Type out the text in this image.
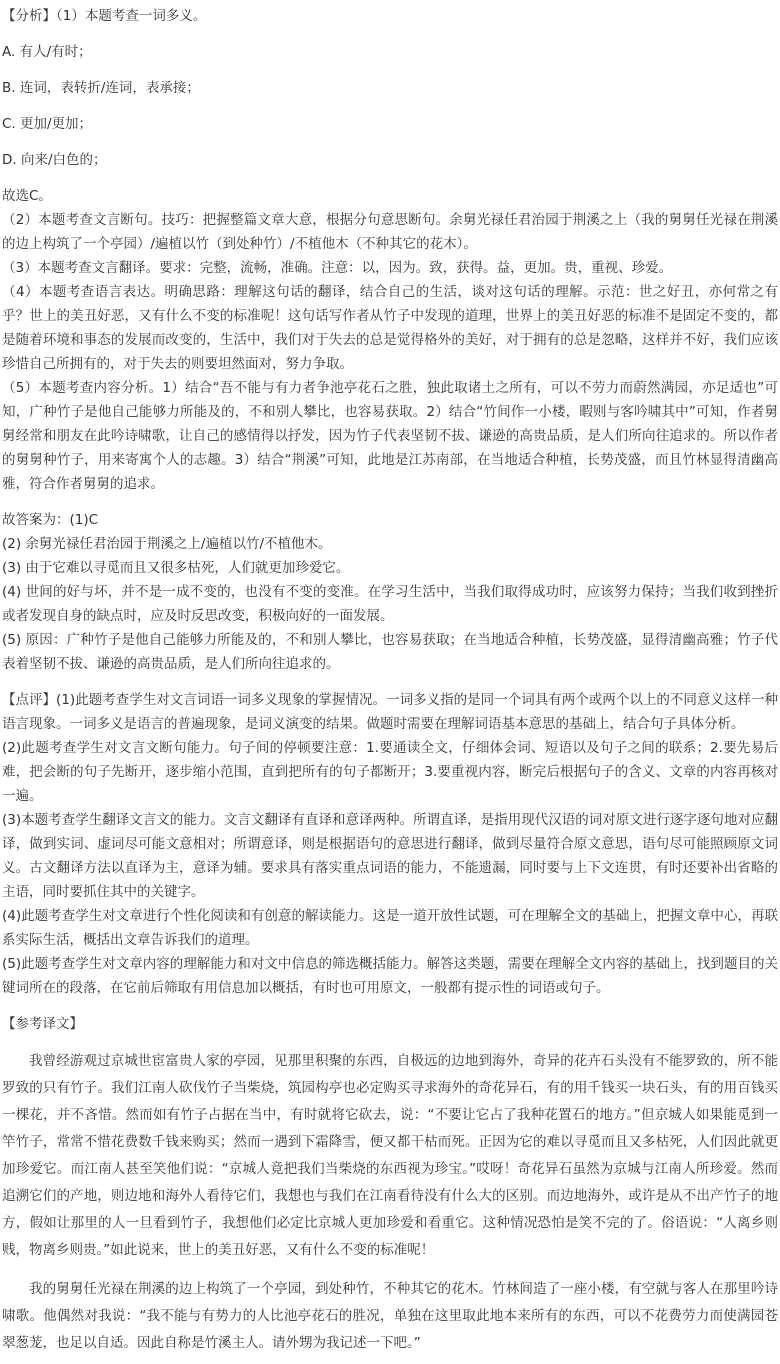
【分析】（1）本题考查一词多义。

A. 有人/有时；

B. 连词，表转折/连词，表承接；

C. 更加/更加；

D. 向来/白色的；

故选C。

（2）本题考查文言断句。技巧：把握整篇文章大意，根据分句意思断句。余舅光禄任君治园于荆溪之上（我的舅舅任光禄在荆溪的边上构筑了一个亭园）/遍植以竹（到处种竹）/不植他木（不种其它的花木）。

（3）本题考查文言翻译。要求：完整，流畅，准确。注意：以，因为。致，获得。益，更加。贵，重视、珍爱。

（4）本题考查语言表达。明确思路：理解这句话的翻译，结合自己的生活，谈对这句话的理解。示范：世之好丑，亦何常之有乎？世上的美丑好恶，又有什么不变的标准呢！这句话写作者从竹子中发现的道理，世界上的美丑好恶的标准不是固定不变的，都是随着环境和事态的发展而改变的，生活中，我们对于失去的总是觉得格外的美好，对于拥有的总是忽略，这样并不好，我们应该珍惜自己所拥有的，对于失去的则要坦然面对，努力争取。

（5）本题考查内容分析。1）结合“吾不能与有力者争池亭花石之胜，独此取诸土之所有，可以不劳力而蔚然满园，亦足适也”可知，广种竹子是他自己能够力所能及的，不和别人攀比，也容易获取。2）结合“竹间作一小楼，暇则与客吟啸其中”可知，作者舅舅经常和朋友在此吟诗啸歌，让自己的感情得以抒发，因为竹子代表坚韧不拔、谦逊的高贵品质，是人们所向往追求的。所以作者的舅舅种竹子，用来寄寓个人的志趣。3）结合“荆溪”可知，此地是江苏南部，在当地适合种植，长势茂盛，而且竹林显得清幽高雅，符合作者舅舅的追求。

故答案为：(1)C

(2) 余舅光禄任君治园于荆溪之上/遍植以竹/不植他木。

(3) 由于它难以寻觅而且又很多枯死，人们就更加珍爱它。

(4) 世间的好与坏，并不是一成不变的，也没有不变的变准。在学习生活中，当我们取得成功时，应该努力保持；当我们收到挫折或者发现自身的缺点时，应及时反思改变，积极向好的一面发展。

(5) 原因：广种竹子是他自己能够力所能及的，不和别人攀比，也容易获取；在当地适合种植，长势茂盛，显得清幽高雅；竹子代表着坚韧不拔、谦逊的高贵品质，是人们所向往追求的。

【点评】(1)此题考查学生对文言词语一词多义现象的掌握情况。一词多义指的是同一个词具有两个或两个以上的不同意义这样一种语言现象。一词多义是语言的普遍现象，是词义演变的结果。做题时需要在理解词语基本意思的基础上，结合句子具体分析。

(2)此题考查学生对文言文断句能力。句子间的停顿要注意：1.要通读全文，仔细体会词、短语以及句子之间的联系；2.要先易后难，把会断的句子先断开，逐步缩小范围，直到把所有的句子都断开；3.要重视内容，断完后根据句子的含义、文章的内容再核对一遍。

(3)本题考查学生翻译文言文的能力。文言文翻译有直译和意译两种。所谓直译，是指用现代汉语的词对原文进行逐字逐句地对应翻译，做到实词、虚词尽可能文意相对；所谓意译，则是根据语句的意思进行翻译，做到尽量符合原文意思，语句尽可能照顾原文词义。古文翻译方法以直译为主，意译为辅。要求具有落实重点词语的能力，不能遗漏，同时要与上下文连贯，有时还要补出省略的主语，同时要抓住其中的关键字。

(4)此题考查学生对文章进行个性化阅读和有创意的解读能力。这是一道开放性试题，可在理解全文的基础上，把握文章中心，再联系实际生活，概括出文章告诉我们的道理。

(5)此题考查学生对文章内容的理解能力和对文中信息的筛选概括能力。解答这类题，需要在理解全文内容的基础上，找到题目的关键词所在的段落，在它前后筛取有用信息加以概括，有时也可用原文，一般都有提示性的词语或句子。

【参考译文】

我曾经游观过京城世宦富贵人家的亭园，见那里积聚的东西，自极远的边地到海外，奇异的花卉石头没有不能罗致的，所不能罗致的只有竹子。我们江南人砍伐竹子当柴烧，筑园构亭也必定购买寻求海外的奇花异石，有的用千钱买一块石头，有的用百钱买一棵花，并不吝惜。然而如有竹子占据在当中，有时就将它砍去，说：“不要让它占了我种花置石的地方。”但京城人如果能觅到一竿竹子，常常不惜花费数千钱来购买；然而一遇到下霜降雪，便又都干枯而死。正因为它的难以寻觅而且又多枯死，人们因此就更加珍爱它。而江南人甚至笑他们说：“京城人竟把我们当柴烧的东西视为珍宝。”哎呀！奇花异石虽然为京城与江南人所珍爱。然而追溯它们的产地，则边地和海外人看待它们，我想也与我们在江南看待没有什么大的区别。而边地海外，或许是从不出产竹子的地方，假如让那里的人一旦看到竹子，我想他们必定比京城人更加珍爱和看重它。这种情况恐怕是笑不完的了。俗语说：“人离乡则贱，物离乡则贵。”如此说来，世上的美丑好恶，又有什么不变的标准呢！

我的舅舅任光禄在荆溪的边上构筑了一个亭园，到处种竹，不种其它的花木。竹林间造了一座小楼，有空就与客人在那里吟诗啸歌。他偶然对我说：“我不能与有势力的人比池亭花石的胜况，单独在这里取此地本来所有的东西，可以不花费劳力而使满园苍翠葱茏，也足以自适。因此自称是竹溪主人。请外甥为我记述一下吧。”
